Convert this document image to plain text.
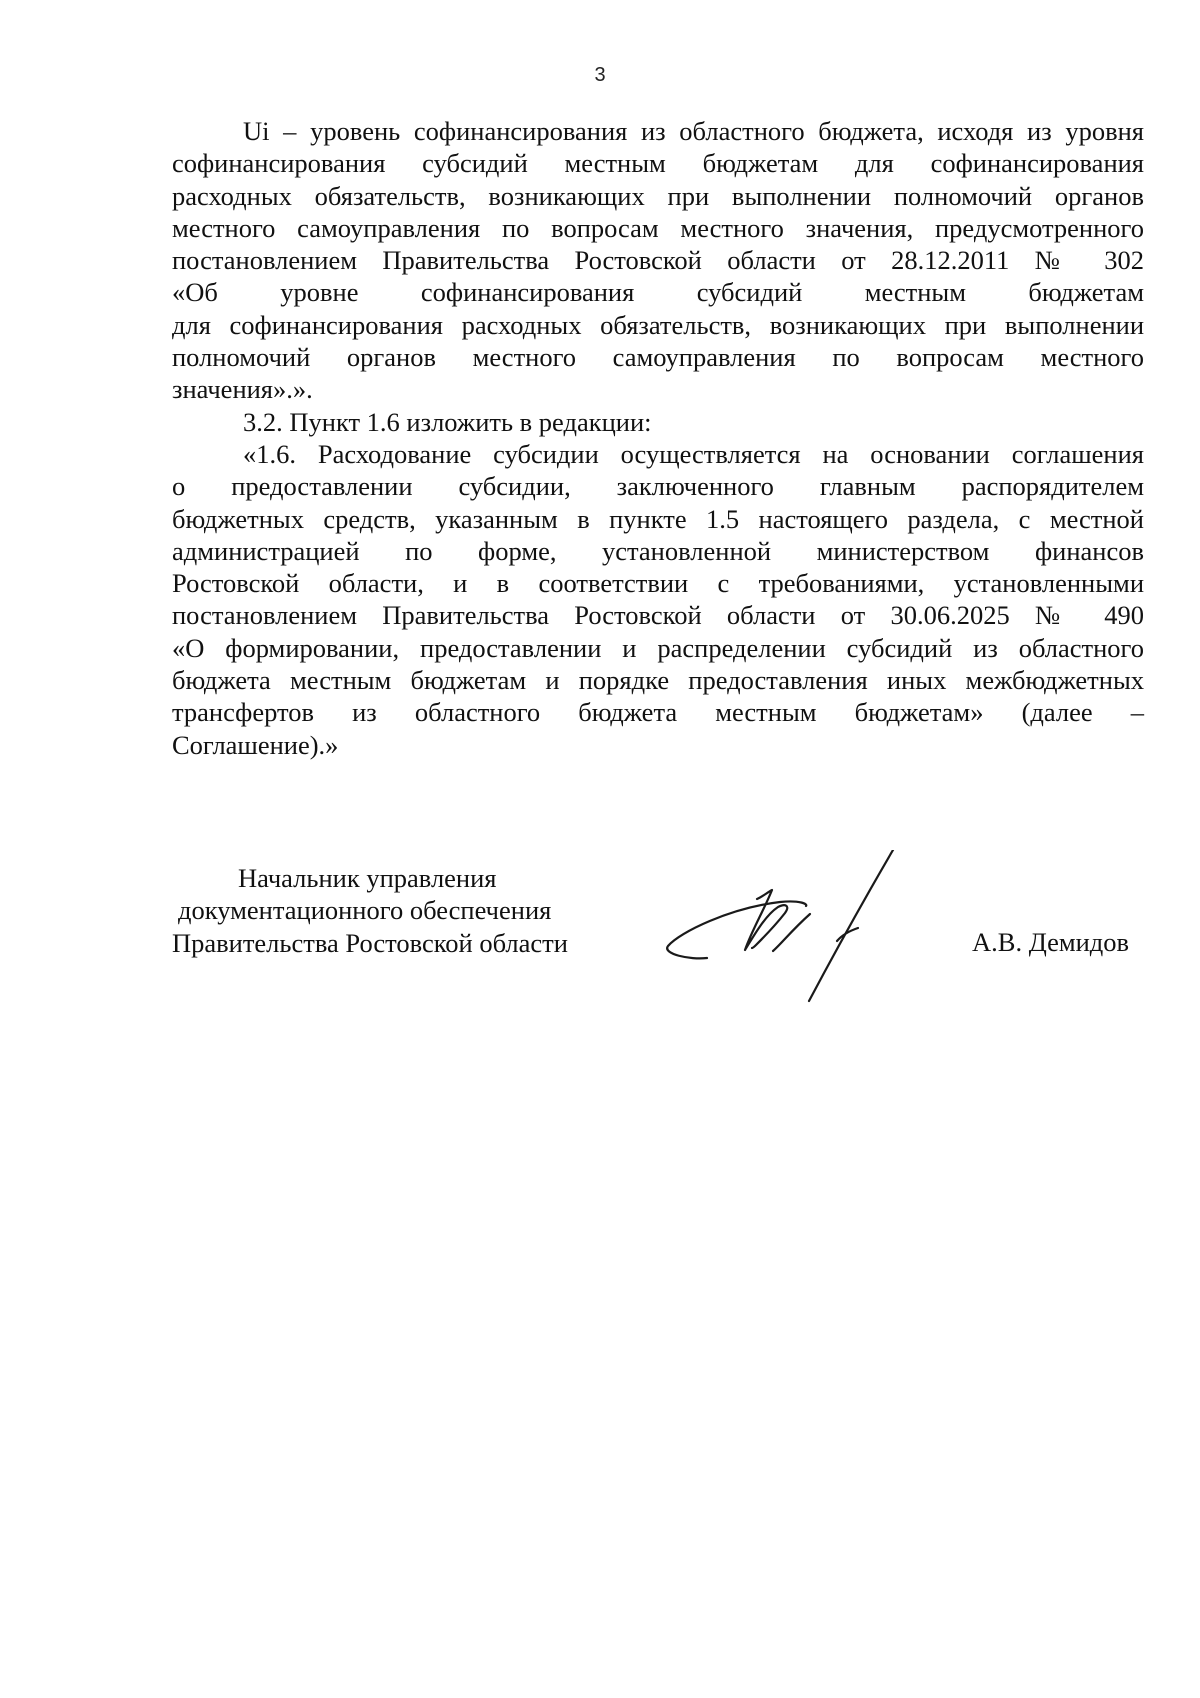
3
Ui – уровень софинансирования из областного бюджета, исходя из уровня
софинансирования субсидий местным бюджетам для софинансирования
расходных обязательств, возникающих при выполнении полномочий органов
местного самоуправления по вопросам местного значения, предусмотренного
постановлением Правительства Ростовской области от 28.12.2011 № 302
«Об уровне софинансирования субсидий местным бюджетам
для софинансирования расходных обязательств, возникающих при выполнении
полномочий органов местного самоуправления по вопросам местного
значения».».
3.2. Пункт 1.6 изложить в редакции:
«1.6. Расходование субсидии осуществляется на основании соглашения
о предоставлении субсидии, заключенного главным распорядителем
бюджетных средств, указанным в пункте 1.5 настоящего раздела, с местной
администрацией по форме, установленной министерством финансов
Ростовской области, и в соответствии с требованиями, установленными
постановлением Правительства Ростовской области от 30.06.2025 № 490
«О формировании, предоставлении и распределении субсидий из областного
бюджета местным бюджетам и порядке предоставления иных межбюджетных
трансфертов из областного бюджета местным бюджетам» (далее –
Соглашение).»
Начальник управления
документационного обеспечения
Правительства Ростовской области	А.В. Демидов
